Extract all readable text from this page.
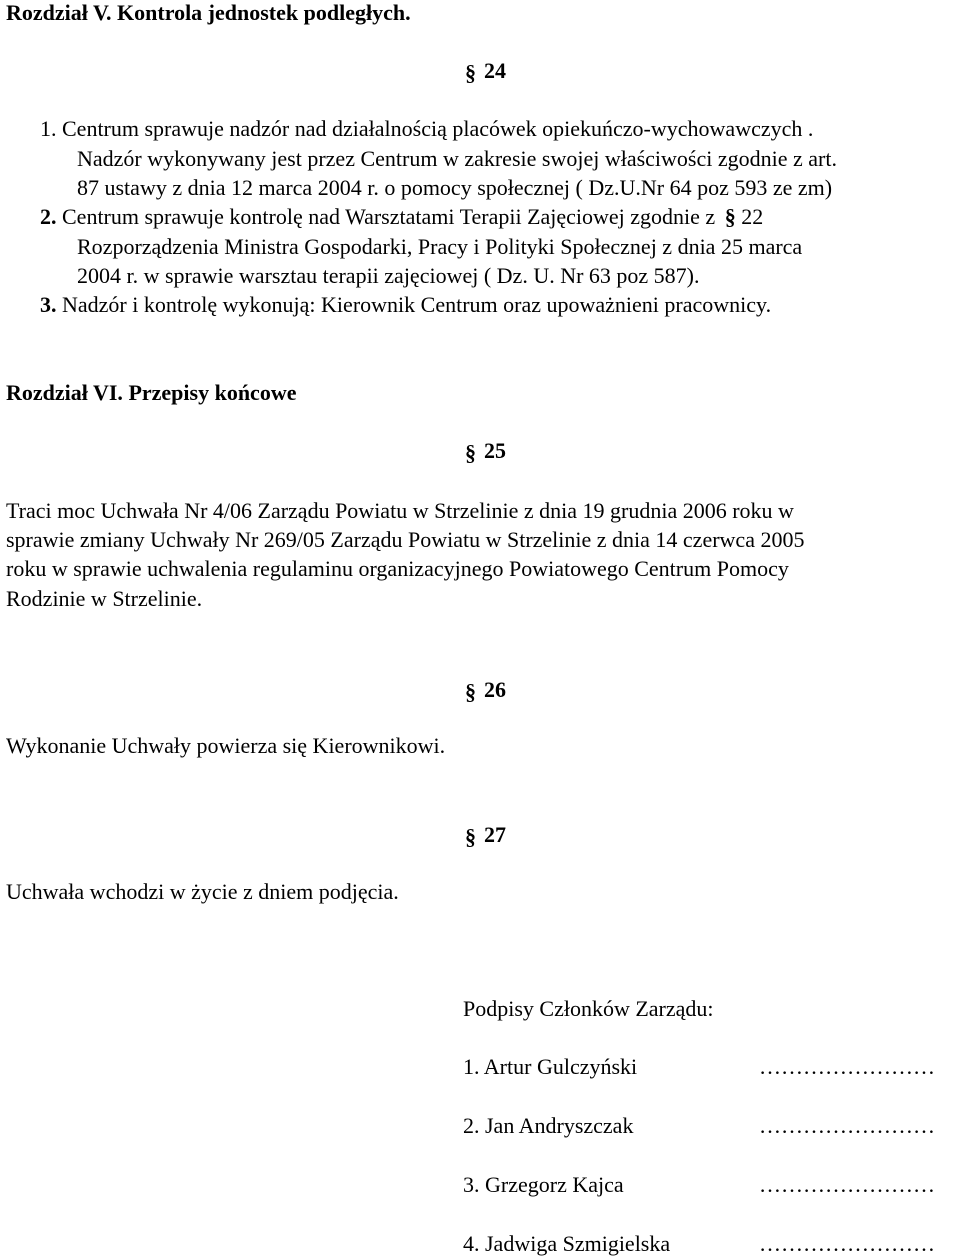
Rozdział V. Kontrola jednostek podległych.
§ 24
1. Centrum sprawuje nadzór nad działalnością placówek opiekuńczo-wychowawczych .
Nadzór wykonywany jest przez Centrum w zakresie swojej właściwości zgodnie z art.
87 ustawy z dnia 12 marca 2004 r. o pomocy społecznej ( Dz.U.Nr 64 poz 593 ze zm)
2. Centrum sprawuje kontrolę nad Warsztatami Terapii Zajęciowej zgodnie z § 22
Rozporządzenia Ministra Gospodarki, Pracy i Polityki Społecznej z dnia 25 marca
2004 r. w sprawie warsztau terapii zajęciowej ( Dz. U. Nr 63 poz 587).
3. Nadzór i kontrolę wykonują: Kierownik Centrum oraz upoważnieni pracownicy.
Rozdział VI. Przepisy końcowe
§ 25
Traci moc Uchwała Nr 4/06 Zarządu Powiatu w Strzelinie z dnia 19 grudnia 2006 roku w
sprawie zmiany Uchwały Nr 269/05 Zarządu Powiatu w Strzelinie z dnia 14 czerwca 2005
roku w sprawie uchwalenia regulaminu organizacyjnego Powiatowego Centrum Pomocy
Rodzinie w Strzelinie.
§ 26
Wykonanie Uchwały powierza się Kierownikowi.
§ 27
Uchwała wchodzi w życie z dniem podjęcia.
Podpisy Członków Zarządu:
1. Artur Gulczyński	……………………
2. Jan Andryszczak	……………………
3. Grzegorz Kajca	……………………
4. Jadwiga Szmigielska	……………………
